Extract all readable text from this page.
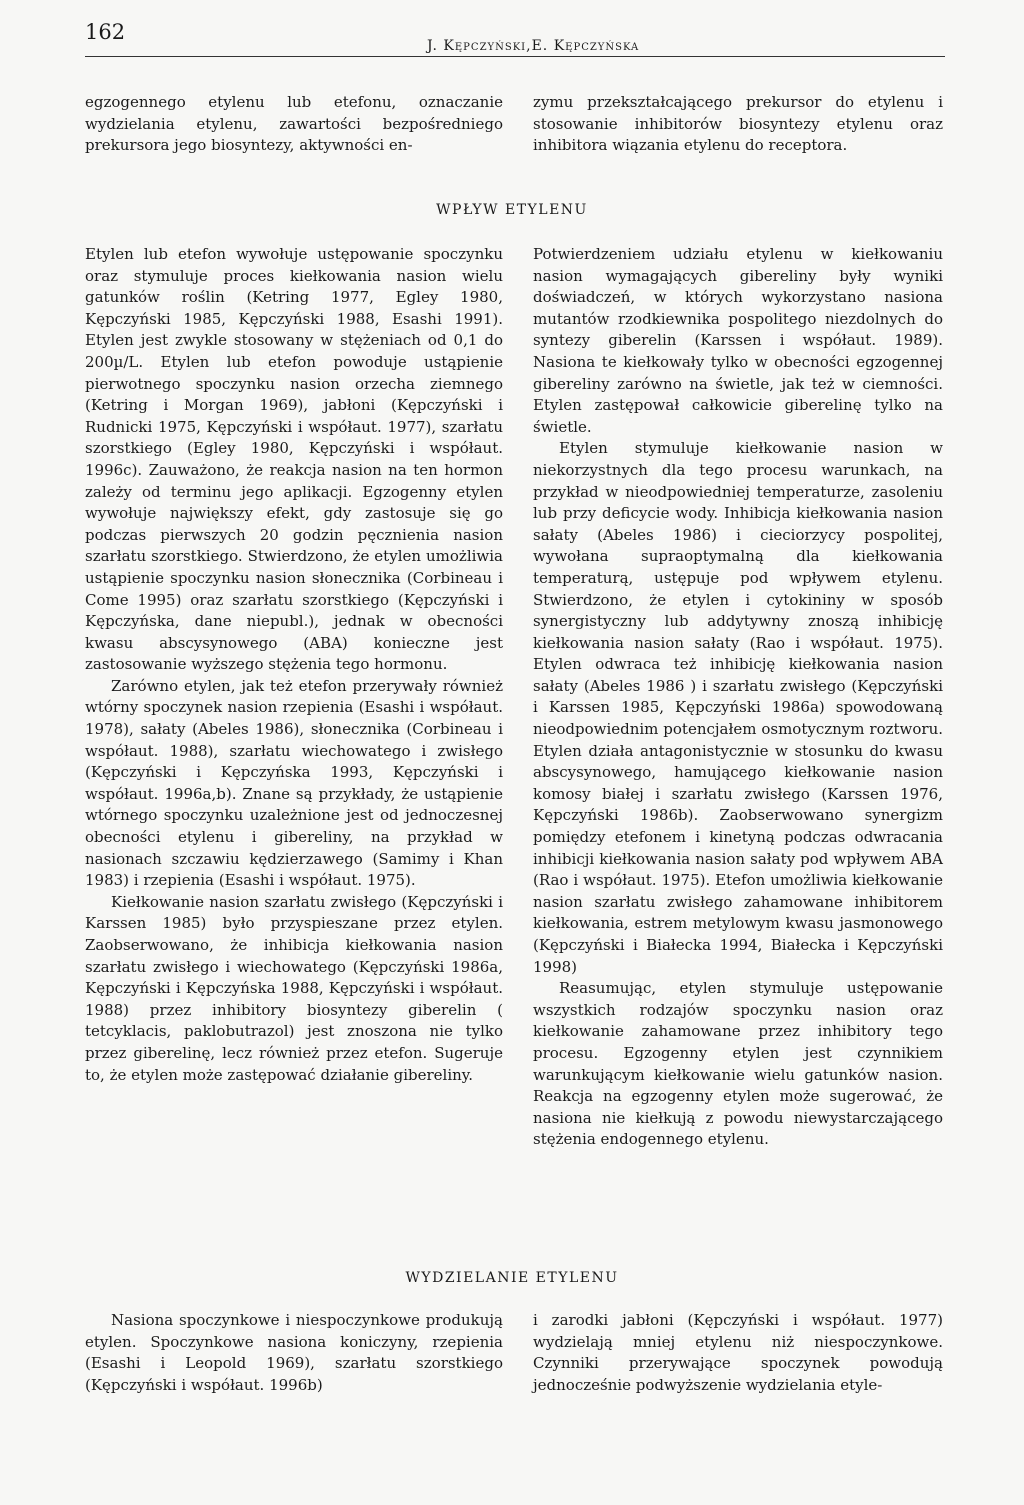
162
J. Kępczyński,E. Kępczyńska

egzogennego etylenu lub etefonu, oznaczanie wydzielania etylenu, zawartości bezpośredniego prekursora jego biosyntezy, aktywności en-

zymu przekształcającego prekursor do etylenu i stosowanie inhibitorów biosyntezy etylenu oraz inhibitora wiązania etylenu do receptora.

WPŁYW ETYLENU

Etylen lub etefon wywołuje ustępowanie spoczynku oraz stymuluje proces kiełkowania nasion wielu gatunków roślin (Ketring 1977, Egley 1980, Kępczyński 1985, Kępczyński 1988, Esashi 1991). Etylen jest zwykle stosowany w stężeniach od 0,1 do 200µ/L. Etylen lub etefon powoduje ustąpienie pierwotnego spoczynku nasion orzecha ziemnego (Ketring i Morgan 1969), jabłoni (Kępczyński i Rudnicki 1975, Kępczyński i współaut. 1977), szarłatu szorstkiego (Egley 1980, Kępczyński i współaut. 1996c). Zauważono, że reakcja nasion na ten hormon zależy od terminu jego aplikacji. Egzogenny etylen wywołuje największy efekt, gdy zastosuje się go podczas pierwszych 20 godzin pęcznienia nasion szarłatu szorstkiego. Stwierdzono, że etylen umożliwia ustąpienie spoczynku nasion słonecznika (Corbineau i Come 1995) oraz szarłatu szorstkiego (Kępczyński i Kępczyńska, dane niepubl.), jednak w obecności kwasu abscysynowego (ABA) konieczne jest zastosowanie wyższego stężenia tego hormonu.

Zarówno etylen, jak też etefon przerywały również wtórny spoczynek nasion rzepienia (Esashi i współaut. 1978), sałaty (Abeles 1986), słonecznika (Corbineau i współaut. 1988), szarłatu wiechowatego i zwisłego (Kępczyński i Kępczyńska 1993, Kępczyński i współaut. 1996a,b). Znane są przykłady, że ustąpienie wtórnego spoczynku uzależnione jest od jednoczesnej obecności etylenu i gibereliny, na przykład w nasionach szczawiu kędzierzawego (Samimy i Khan 1983) i rzepienia (Esashi i współaut. 1975).

Kiełkowanie nasion szarłatu zwisłego (Kępczyński i Karssen 1985) było przyspieszane przez etylen. Zaobserwowano, że inhibicja kiełkowania nasion szarłatu zwisłego i wiechowatego (Kępczyński 1986a, Kępczyński i Kępczyńska 1988, Kępczyński i współaut. 1988) przez inhibitory biosyntezy giberelin ( tetcyklacis, paklobutrazol) jest znoszona nie tylko przez giberelinę, lecz również przez etefon. Sugeruje to, że etylen może zastępować działanie gibereliny.

Potwierdzeniem udziału etylenu w kiełkowaniu nasion wymagających gibereliny były wyniki doświadczeń, w których wykorzystano nasiona mutantów rzodkiewnika pospolitego niezdolnych do syntezy giberelin (Karssen i współaut. 1989). Nasiona te kiełkowały tylko w obecności egzogennej gibereliny zarówno na świetle, jak też w ciemności. Etylen zastępował całkowicie giberelinę tylko na świetle.

Etylen stymuluje kiełkowanie nasion w niekorzystnych dla tego procesu warunkach, na przykład w nieodpowiedniej temperaturze, zasoleniu lub przy deficycie wody. Inhibicja kiełkowania nasion sałaty (Abeles 1986) i cieciorzycy pospolitej, wywołana supraoptymalną dla kiełkowania temperaturą, ustępuje pod wpływem etylenu. Stwierdzono, że etylen i cytokininy w sposób synergistyczny lub addytywny znoszą inhibicję kiełkowania nasion sałaty (Rao i współaut. 1975). Etylen odwraca też inhibicję kiełkowania nasion sałaty (Abeles 1986 ) i szarłatu zwisłego (Kępczyński i Karssen 1985, Kępczyński 1986a) spowodowaną nieodpowiednim potencjałem osmotycznym roztworu. Etylen działa antagonistycznie w stosunku do kwasu abscysynowego, hamującego kiełkowanie nasion komosy białej i szarłatu zwisłego (Karssen 1976, Kępczyński 1986b). Zaobserwowano synergizm pomiędzy etefonem i kinetyną podczas odwracania inhibicji kiełkowania nasion sałaty pod wpływem ABA (Rao i współaut. 1975). Etefon umożliwia kiełkowanie nasion szarłatu zwisłego zahamowane inhibitorem kiełkowania, estrem metylowym kwasu jasmonowego (Kępczyński i Białecka 1994, Białecka i Kępczyński 1998)

Reasumując, etylen stymuluje ustępowanie wszystkich rodzajów spoczynku nasion oraz kiełkowanie zahamowane przez inhibitory tego procesu. Egzogenny etylen jest czynnikiem warunkującym kiełkowanie wielu gatunków nasion. Reakcja na egzogenny etylen może sugerować, że nasiona nie kiełkują z powodu niewystarczającego stężenia endogennego etylenu.

WYDZIELANIE ETYLENU

Nasiona spoczynkowe i niespoczynkowe produkują etylen. Spoczynkowe nasiona koniczyny, rzepienia (Esashi i Leopold 1969), szarłatu szorstkiego (Kępczyński i współaut. 1996b)

i zarodki jabłoni (Kępczyński i współaut. 1977) wydzielają mniej etylenu niż niespoczynkowe. Czynniki przerywające spoczynek powodują jednocześnie podwyższenie wydzielania etyle-
